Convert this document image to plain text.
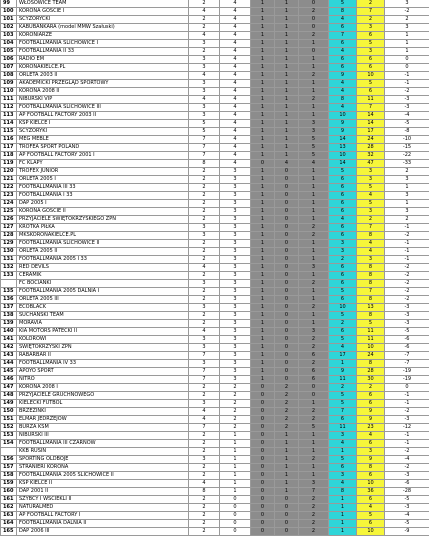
99	WŁOSOWICE TEAM	2	4	1	1	0	5	2	3
100	KORONA GOŚCIE I	4	4	1	1	2	8	7	-2
101	SCYZORYCKI	2	4	1	1	0	4	2	2
102	KABUBANKARA (model MMW Szałuski)	2	4	1	1	0	6	3	3
103	KORONIARZE	4	4	1	1	2	7	6	1
104	FOOTBALLMANIA ŚLICHOWICE I	3	4	1	1	1	6	5	1
105	FOOTBALLMANIA II 33	2	4	1	1	0	4	3	1
106	RADIO EM	3	4	1	1	1	6	6	0
107	KORONAKIELCE.PL	3	4	1	1	1	6	6	0
108	ORLETA 2003 II	4	4	1	1	2	9	10	-1
109	AKADEMICKI PRZEGLĄD SPORTOWY	3	4	1	1	1	4	5	-1
110	KORONA 2008 II	3	4	1	1	1	4	6	-2
111	NIBURSKI VIP	4	4	1	1	2	8	11	-3
112	FOOTBALLMANIA ŚLICHOWICE III	3	4	1	1	1	4	7	-3
113	AP FOOTBALL FACTORY 2003 II	3	4	1	1	1	10	14	-4
114	KSP KIELCE I	5	4	1	1	3	9	14	-5
115	SCYZORYKI	5	4	1	1	3	9	17	-8
116	MEG MEBLE	7	4	1	1	5	14	24	-10
117	TROFEA SPORT POLAND	7	4	1	1	5	13	28	-15
118	AP FOOTBALL FACTORY 2001 I	7	4	1	1	5	10	32	-22
119	FC KLAPY	8	4	0	4	4	14	47	-33
120	TROFEX JUNIOR	2	3	1	0	1	5	3	2
121	ORLETA 2005 I	2	3	1	0	1	6	3	3
122	FOOTBALLMANIA III 33	2	3	1	0	1	6	5	1
123	FOOTBALLMANIA I 33	2	3	1	0	1	6	4	3
124	DAP 2005 I	2	3	1	0	1	6	5	1
125	KORONA GOŚCIE II	2	3	1	0	1	6	3	3
126	PRZYJACIELE ŚWIĘTOKRZYSKIEGO ZPN	2	3	1	0	1	4	2	2
127	KRÓTKA PIŁKA	3	3	1	0	2	6	7	-1
128	MKSKORONAKIELCE.PL	3	3	1	0	2	6	8	-2
129	FOOTBALLMANIA ŚLICHOWICE II	2	3	1	0	1	3	4	-1
130	ORLETA 2005 II	2	3	1	0	1	3	4	-1
131	FOOTBALLMANIA 2005 I 33	2	3	1	0	1	2	3	-1
132	RED DEVILS	4	3	1	0	3	6	8	-2
133	CERAMIK	2	3	1	0	1	6	8	-2
	FC BOCIANKI	3	3	1	0	2	6	8	-2
135	FOOTBALLMANIA 2005 DALNIA I	2	3	1	0	1	5	7	-2
136	ORLETA 2005 III	2	3	1	0	1	6	8	-2
137	ECOBLACK	3	3	1	0	2	10	13	-3
138	SUCHAŃSKI TEAM	2	3	1	0	1	5	8	-3
139	MORAVIA	2	3	1	0	1	2	5	-3
140	KIA MOTORS PATECKI II	4	3	1	0	3	6	11	-5
141	KOLOROWI	3	3	1	0	2	5	11	-6
142	ŚWIĘTOKRZYSKI ZPN	3	3	1	0	2	4	10	-6
143	RABARBAR II	7	3	1	0	6	17	24	-7
144	FOOTBALLMANIA IV 33	3	3	1	0	2	1	8	-7
145	APOYO SPORT	7	3	1	0	6	9	28	-19
146	NITRO	7	3	1	0	6	11	30	-19
147	KORONA 2008 I	2	2	0	2	0	2	2	0
148	PRZYJACIELE GRUCHNOWEGO	2	2	0	2	0	5	6	-1
149	KIELECKI FUTBOL	3	2	0	2	1	5	6	-1
150	BRZEZINKI	4	2	0	2	2	7	9	-2
151	ELMAR JEDRZEJÓW	4	2	0	2	2	6	9	-3
152	BURZA KSM	7	2	0	2	5	11	23	-12
153	NIBURSKI III	2	1	0	1	1	3	4	-1
154	FOOTBALLMANIA III CZARNÓW	2	1	0	1	1	4	6	-1
	KKB RUSIN	2	1	0	1	1	1	3	-2
156	SPORTING OLDBOJE	3	1	0	1	2	5	9	-4
157	STRANIERI KORONA	2	1	0	1	1	6	8	-2
158	FOOTBALLMANIA 2005 ŚLICHOWICE II	2	1	0	1	1	3	6	-3
159	KSP KIELCE II	4	1	0	1	3	4	10	-6
160	DAP 2001 II	8	1	0	1	7	8	36	-28
161	SZYBCY I WŚCIEKLI II	2	0	0	0	2	1	6	-5
162	NATURALMED	2	0	0	0	2	1	4	-3
163	AP FOOTBALL FACTORY I	2	0	0	0	2	1	5	-4
164	FOOTBALLMANIA DALNIA II	2	0	0	0	2	1	6	-5
165	DAP 2006 III	2	0	0	0	2	1	10	-9
